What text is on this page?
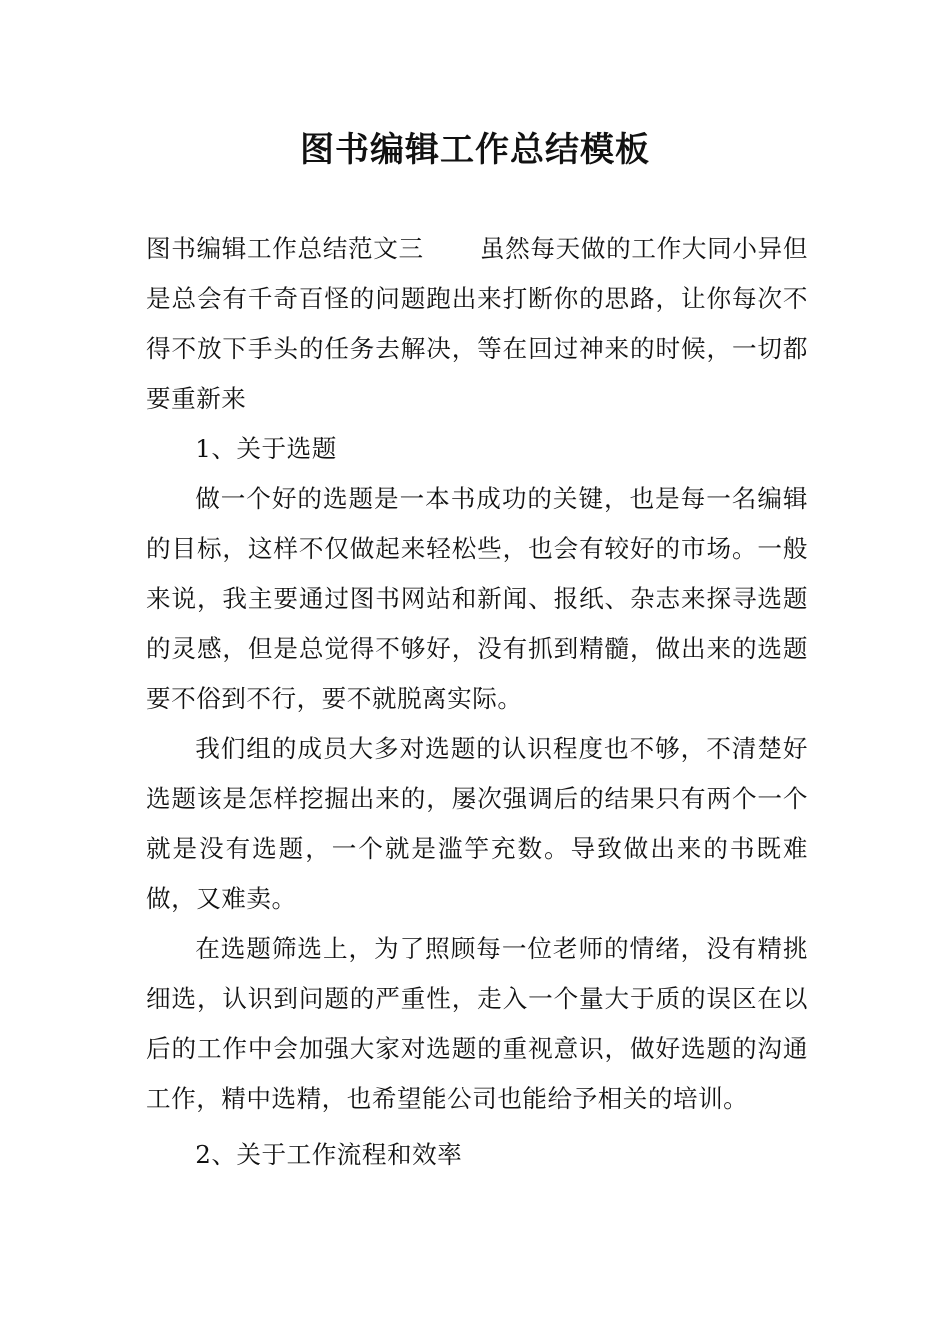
图书编辑工作总结模板

图书编辑工作总结范文三 虽然每天做的工作大同小异但是总会有千奇百怪的问题跑出来打断你的思路，让你每次不得不放下手头的任务去解决，等在回过神来的时候，一切都要重新来

1、关于选题

做一个好的选题是一本书成功的关键，也是每一名编辑的目标，这样不仅做起来轻松些，也会有较好的市场。一般来说，我主要通过图书网站和新闻、报纸、杂志来探寻选题的灵感，但是总觉得不够好，没有抓到精髓，做出来的选题要不俗到不行，要不就脱离实际。

我们组的成员大多对选题的认识程度也不够，不清楚好选题该是怎样挖掘出来的，屡次强调后的结果只有两个一个就是没有选题，一个就是滥竽充数。导致做出来的书既难做，又难卖。

在选题筛选上，为了照顾每一位老师的情绪，没有精挑细选，认识到问题的严重性，走入一个量大于质的误区在以后的工作中会加强大家对选题的重视意识，做好选题的沟通工作，精中选精，也希望能公司也能给予相关的培训。

2、关于工作流程和效率
